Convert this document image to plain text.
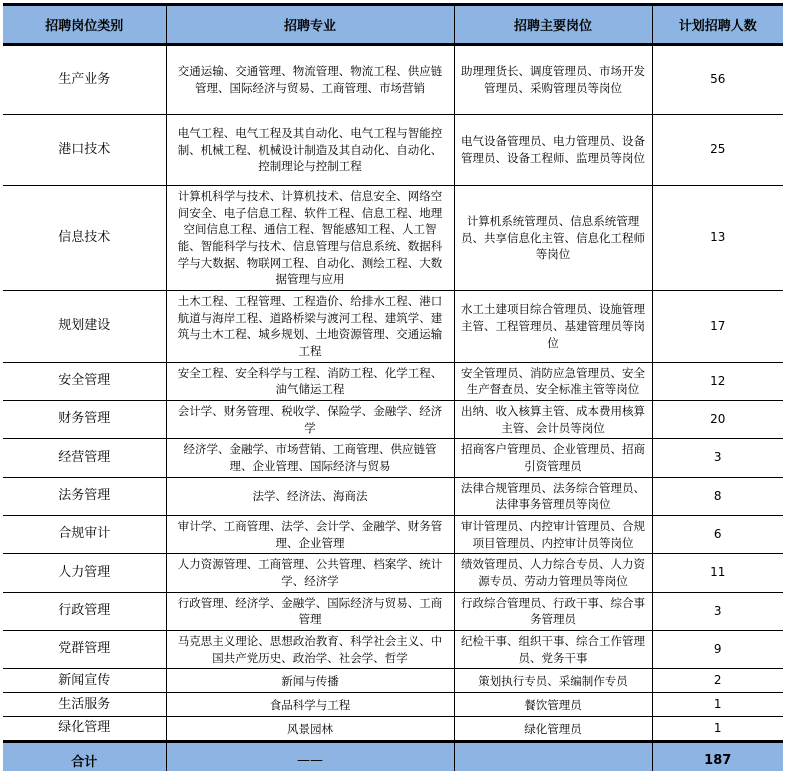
招聘岗位类别	招聘专业	招聘主要岗位	计划招聘人数
生产业务	交通运输、交通管理、物流管理、物流工程、供应链管理、国际经济与贸易、工商管理、市场营销	助理理货长、调度管理员、市场开发管理员、采购管理员等岗位	56
港口技术	电气工程、电气工程及其自动化、电气工程与智能控制、机械工程、机械设计制造及其自动化、自动化、控制理论与控制工程	电气设备管理员、电力管理员、设备管理员、设备工程师、监理员等岗位	25
信息技术	计算机科学与技术、计算机技术、信息安全、网络空间安全、电子信息工程、软件工程、信息工程、地理空间信息工程、通信工程、智能感知工程、人工智能、智能科学与技术、信息管理与信息系统、数据科学与大数据、物联网工程、自动化、测绘工程、大数据管理与应用	计算机系统管理员、信息系统管理员、共享信息化主管、信息化工程师等岗位	13
规划建设	土木工程、工程管理、工程造价、给排水工程、港口航道与海岸工程、道路桥梁与渡河工程、建筑学、建筑与土木工程、城乡规划、土地资源管理、交通运输工程	水工土建项目综合管理员、设施管理主管、工程管理员、基建管理员等岗位	17
安全管理	安全工程、安全科学与工程、消防工程、化学工程、油气储运工程	安全管理员、消防应急管理员、安全生产督查员、安全标准主管等岗位	12
财务管理	会计学、财务管理、税收学、保险学、金融学、经济学	出纳、收入核算主管、成本费用核算主管、会计员等岗位	20
经营管理	经济学、金融学、市场营销、工商管理、供应链管理、企业管理、国际经济与贸易	招商客户管理员、企业管理员、招商引资管理员	3
法务管理	法学、经济法、海商法	法律合规管理员、法务综合管理员、法律事务管理员等岗位	8
合规审计	审计学、工商管理、法学、会计学、金融学、财务管理、企业管理	审计管理员、内控审计管理员、合规项目管理员、内控审计员等岗位	6
人力管理	人力资源管理、工商管理、公共管理、档案学、统计学、经济学	绩效管理员、人力综合专员、人力资源专员、劳动力管理员等岗位	11
行政管理	行政管理、经济学、金融学、国际经济与贸易、工商管理	行政综合管理员、行政干事、综合事务管理员	3
党群管理	马克思主义理论、思想政治教育、科学社会主义、中国共产党历史、政治学、社会学、哲学	纪检干事、组织干事、综合工作管理员、党务干事	9
新闻宣传	新闻与传播	策划执行专员、采编制作专员	2
生活服务	食品科学与工程	餐饮管理员	1
绿化管理	风景园林	绿化管理员	1
合计	——		187
